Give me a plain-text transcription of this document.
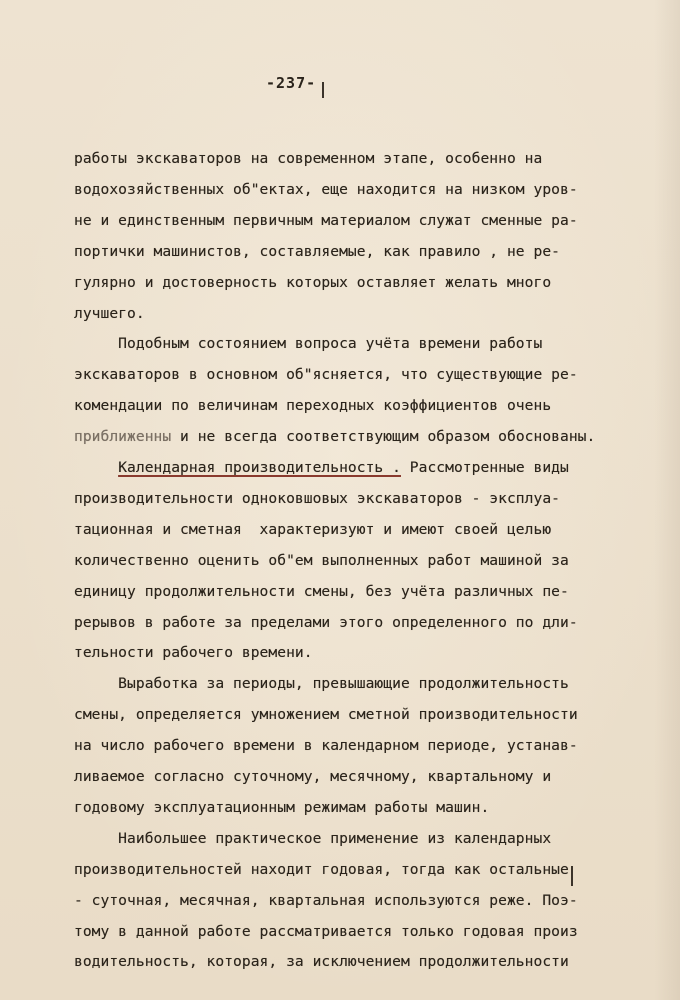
-237-
работы экскаваторов на современном этапе, особенно на
водохозяйственных об"ектах, еще находится на низком уров-
не и единственным первичным материалом служат сменные ра-
портички машинистов, составляемые, как правило , не ре-
гулярно и достоверность которых оставляет желать много
лучшего.
Подобным состоянием вопроса учёта времени работы
экскаваторов в основном об"ясняется, что существующие ре-
комендации по величинам переходных коэффициентов очень
приближенны и не всегда соответствующим образом обоснованы.
Календарная производительность . Рассмотренные виды
производительности одноковшовых экскаваторов - эксплуа-
тационная и сметная  характеризуют и имеют своей целью
количественно оценить об"ем выполненных работ машиной за
единицу продолжительности смены, без учёта различных пе-
рерывов в работе за пределами этого определенного по дли-
тельности рабочего времени.
Выработка за периоды, превышающие продолжительность
смены, определяется умножением сметной производительности
на число рабочего времени в календарном периоде, устанав-
ливаемое согласно суточному, месячному, квартальному и
годовому эксплуатационным режимам работы машин.
Наибольшее практическое применение из календарных
производительностей находит годовая, тогда как остальные
- суточная, месячная, квартальная используются реже. Поэ-
тому в данной работе рассматривается только годовая произ
водительность, которая, за исключением продолжительности
